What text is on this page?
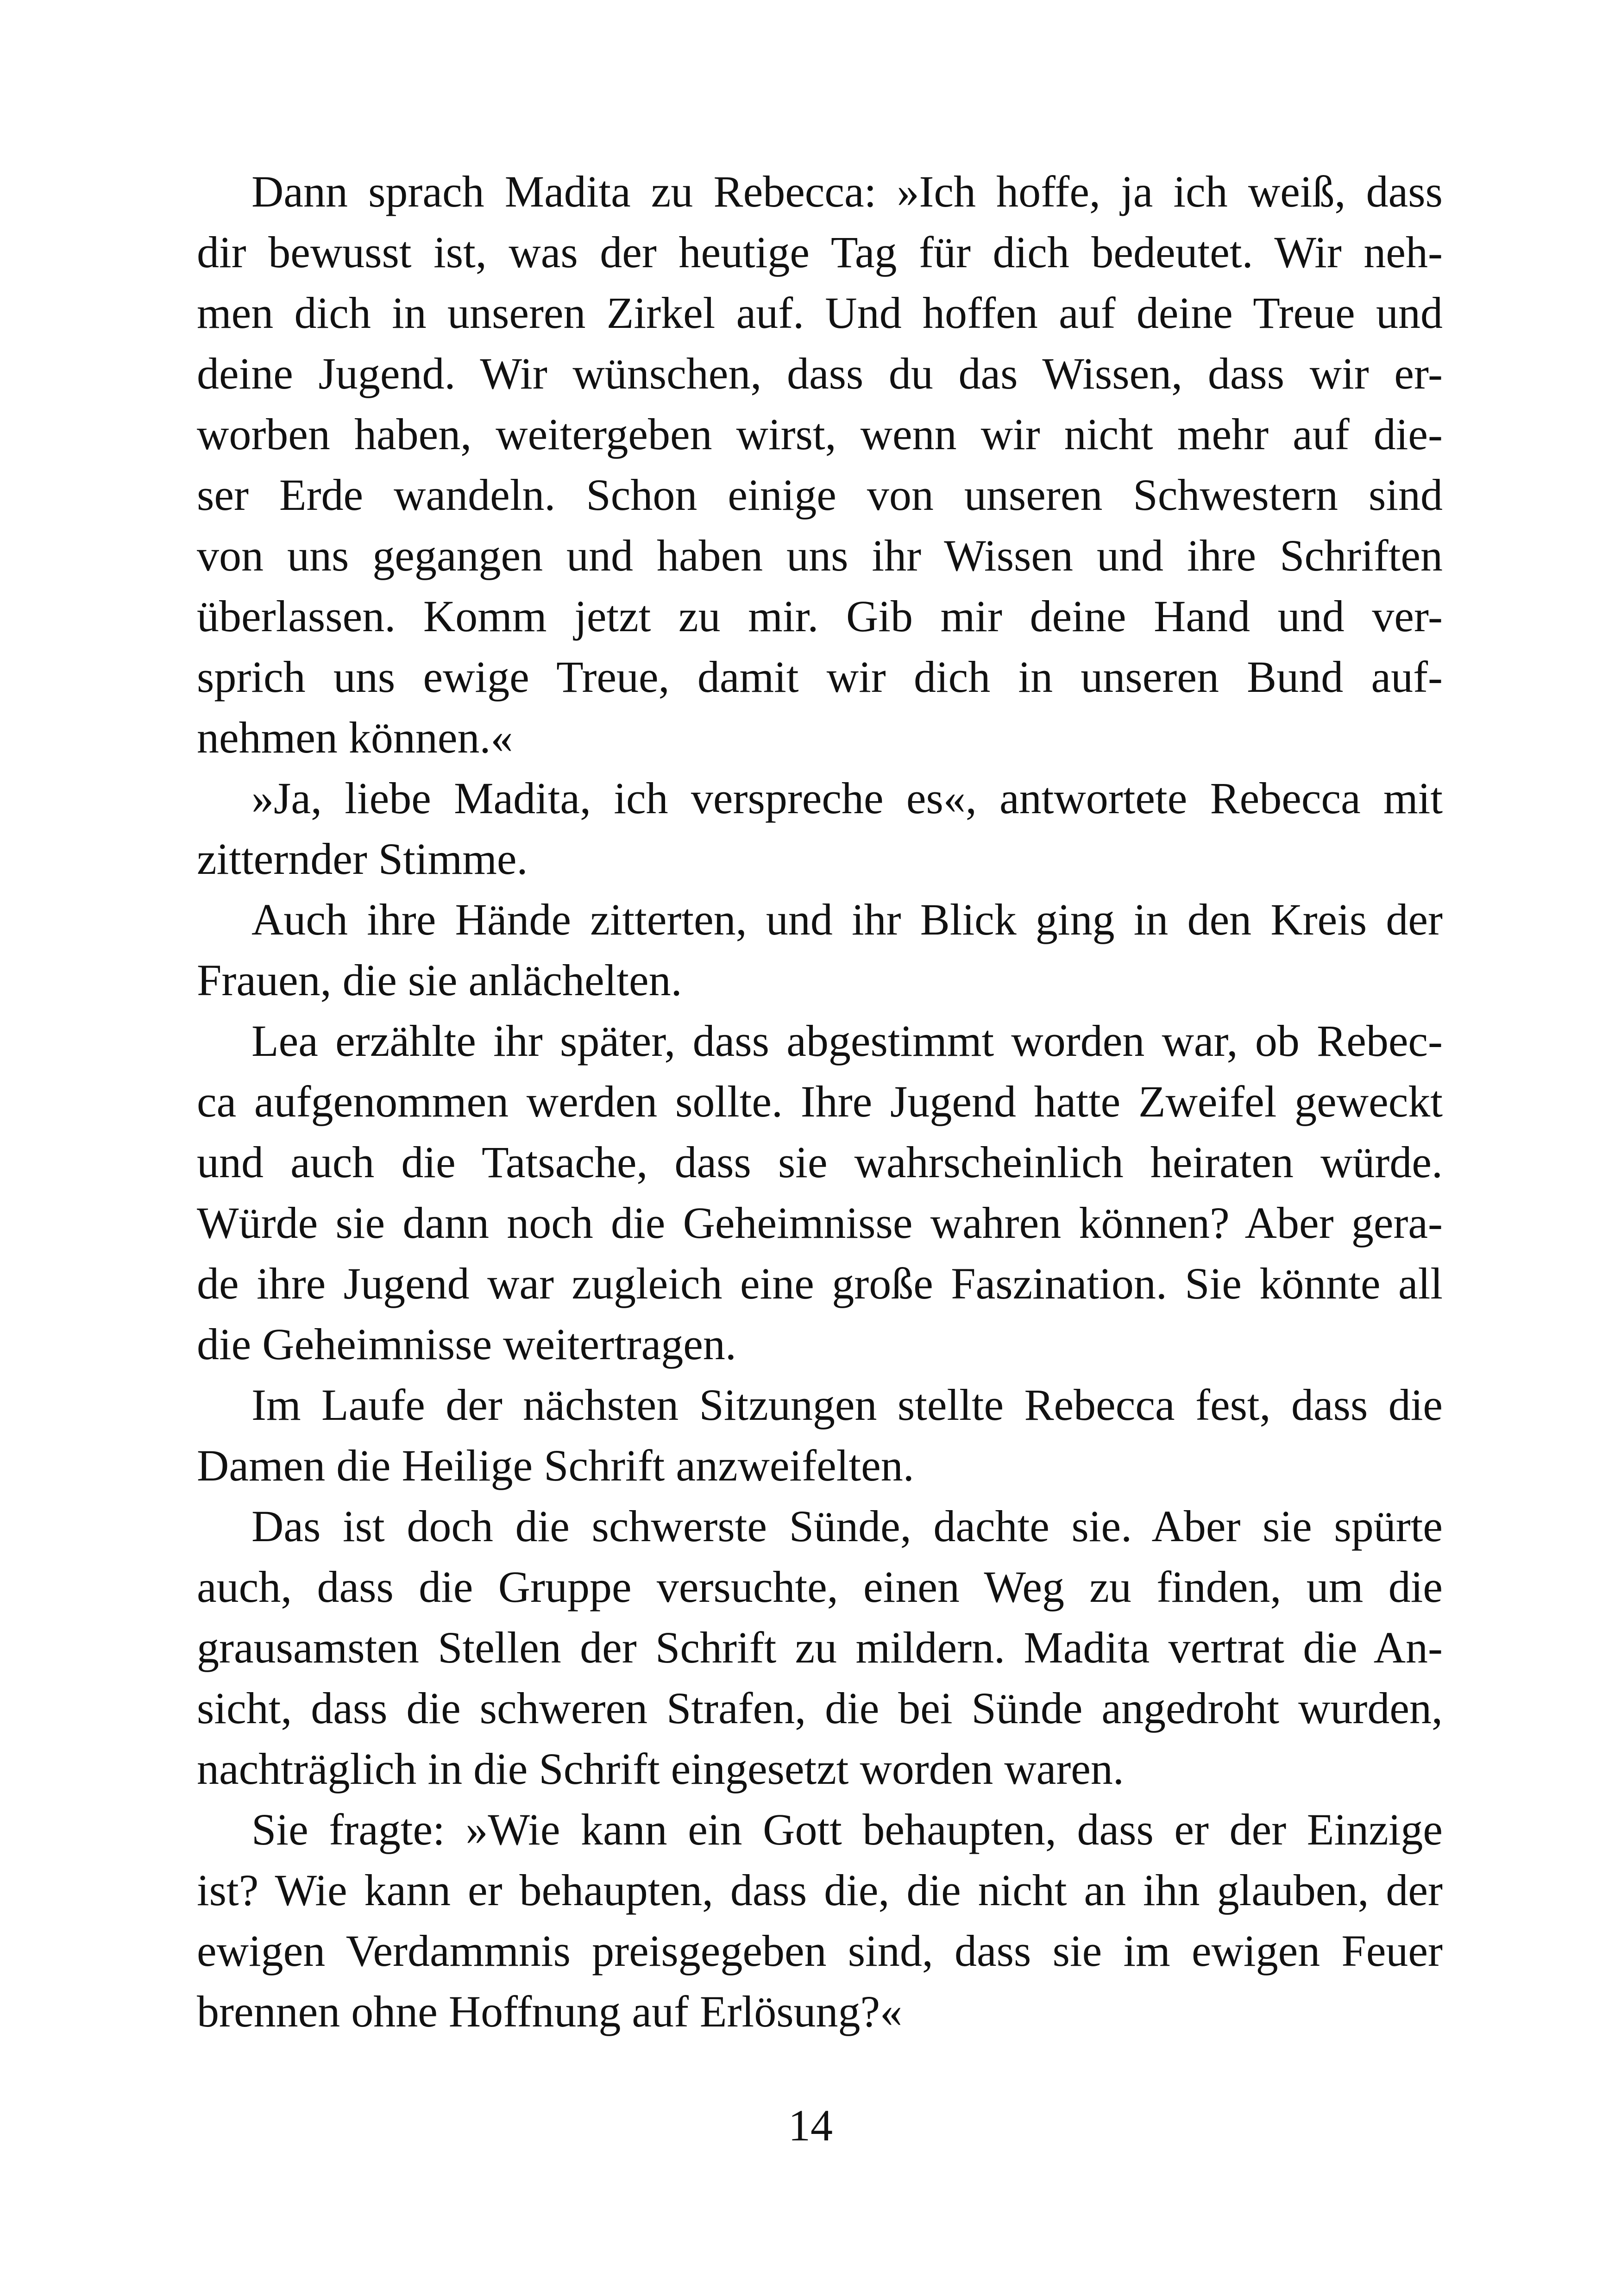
Dann sprach Madita zu Rebecca: »Ich hoffe, ja ich weiß, dass
dir bewusst ist, was der heutige Tag für dich bedeutet. Wir neh-
men dich in unseren Zirkel auf. Und hoffen auf deine Treue und
deine Jugend. Wir wünschen, dass du das Wissen, dass wir er-
worben haben, weitergeben wirst, wenn wir nicht mehr auf die-
ser Erde wandeln. Schon einige von unseren Schwestern sind
von uns gegangen und haben uns ihr Wissen und ihre Schriften
überlassen. Komm jetzt zu mir. Gib mir deine Hand und ver-
sprich uns ewige Treue, damit wir dich in unseren Bund auf-
nehmen können.«
»Ja, liebe Madita, ich verspreche es«, antwortete Rebecca mit
zitternder Stimme.
Auch ihre Hände zitterten, und ihr Blick ging in den Kreis der
Frauen, die sie anlächelten.
Lea erzählte ihr später, dass abgestimmt worden war, ob Rebec-
ca aufgenommen werden sollte. Ihre Jugend hatte Zweifel geweckt
und auch die Tatsache, dass sie wahrscheinlich heiraten würde.
Würde sie dann noch die Geheimnisse wahren können? Aber gera-
de ihre Jugend war zugleich eine große Faszination. Sie könnte all
die Geheimnisse weitertragen.
Im Laufe der nächsten Sitzungen stellte Rebecca fest, dass die
Damen die Heilige Schrift anzweifelten.
Das ist doch die schwerste Sünde, dachte sie. Aber sie spürte
auch, dass die Gruppe versuchte, einen Weg zu finden, um die
grausamsten Stellen der Schrift zu mildern. Madita vertrat die An-
sicht, dass die schweren Strafen, die bei Sünde angedroht wurden,
nachträglich in die Schrift eingesetzt worden waren.
Sie fragte: »Wie kann ein Gott behaupten, dass er der Einzige
ist? Wie kann er behaupten, dass die, die nicht an ihn glauben, der
ewigen Verdammnis preisgegeben sind, dass sie im ewigen Feuer
brennen ohne Hoffnung auf Erlösung?«
14
